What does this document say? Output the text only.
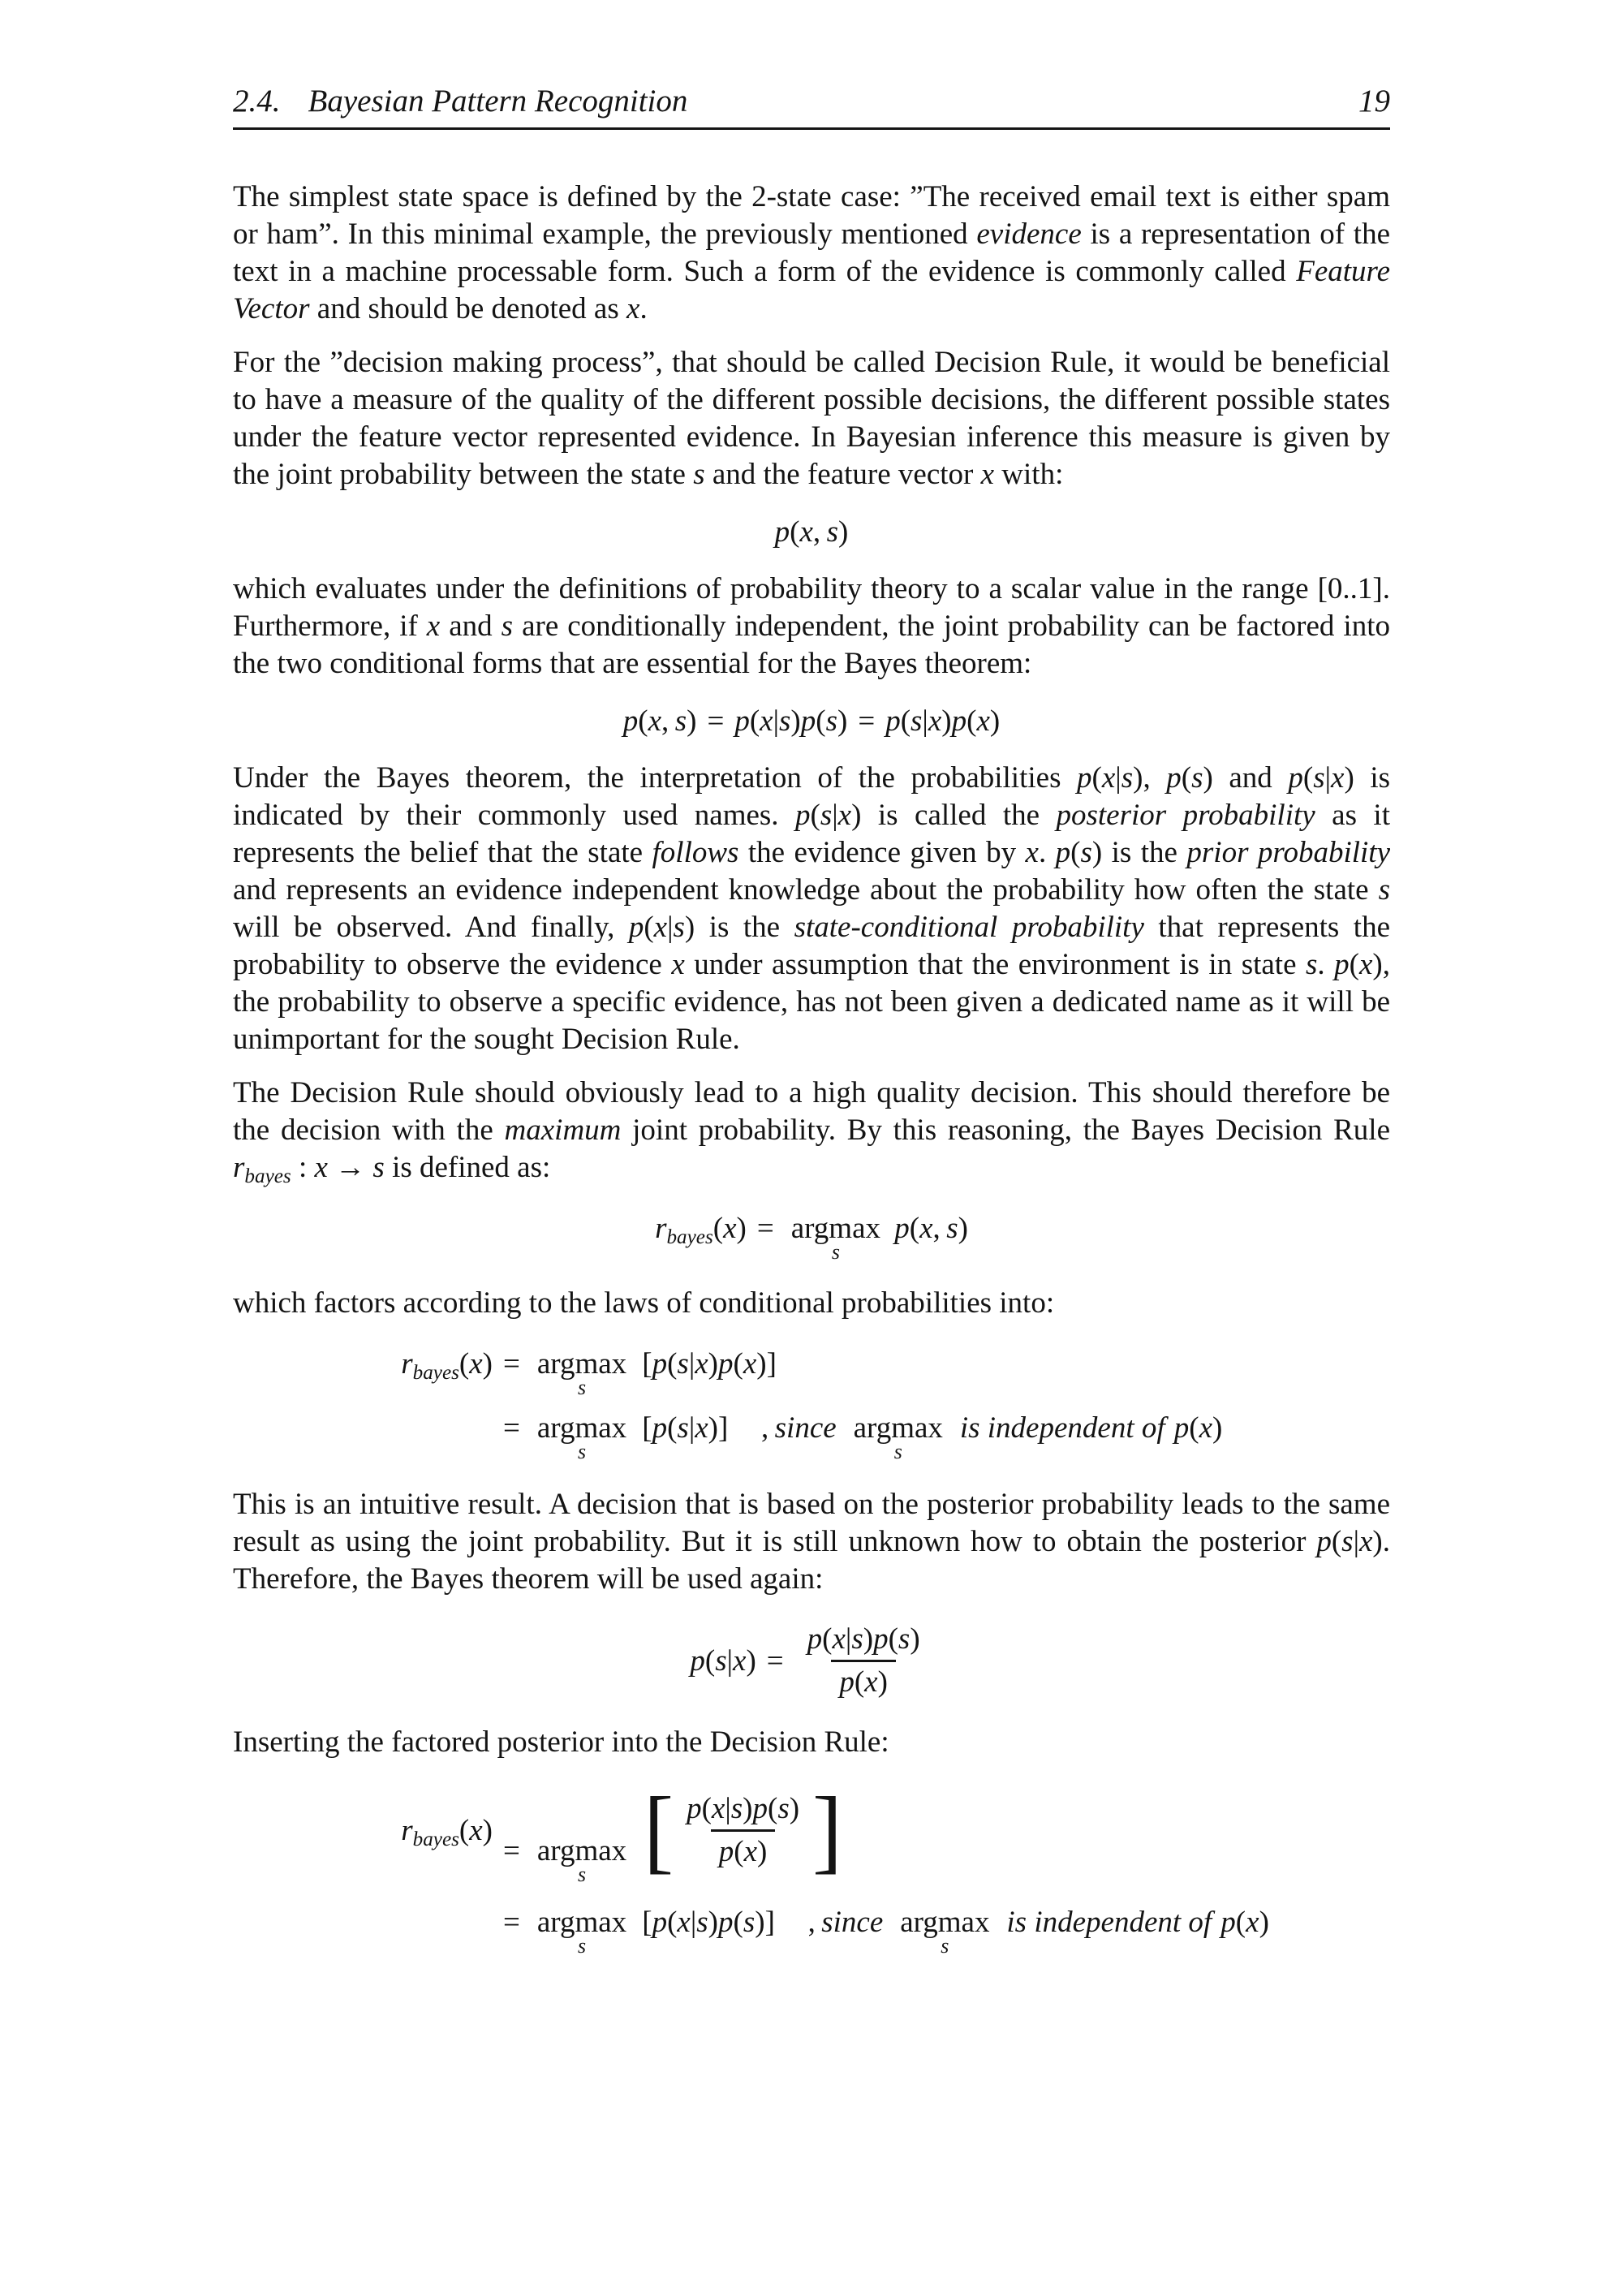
2.4. Bayesian Pattern Recognition	19

The simplest state space is defined by the 2-state case: ”The received email text is either spam or ham”. In this minimal example, the previously mentioned evidence is a representation of the text in a machine processable form. Such a form of the evidence is commonly called Feature Vector and should be denoted as x.

For the ”decision making process”, that should be called Decision Rule, it would be beneficial to have a measure of the quality of the different possible decisions, the different possible states under the feature vector represented evidence. In Bayesian inference this measure is given by the joint probability between the state s and the feature vector x with:

p ( x ,  s )

which evaluates under the definitions of probability theory to a scalar value in the range [0..1]. Furthermore, if x and s are conditionally independent, the joint probability can be factored into the two conditional forms that are essential for the Bayes theorem:

p ( x ,  s ) = p ( x | s ) p ( s ) = p ( s | x ) p ( x )

Under the Bayes theorem, the interpretation of the probabilities p(x|s), p(s) and p(s|x) is indicated by their commonly used names. p(s|x) is called the posterior probability as it represents the belief that the state follows the evidence given by x. p(s) is the prior probability and represents an evidence independent knowledge about the probability how often the state s will be observed. And finally, p(x|s) is the state-conditional probability that represents the probability to observe the evidence x under assumption that the environment is in state s. p(x), the probability to observe a specific evidence, has not been given a dedicated name as it will be unimportant for the sought Decision Rule.

The Decision Rule should obviously lead to a high quality decision. This should therefore be the decision with the maximum joint probability. By this reasoning, the Bayes Decision Rule rbayes : x → s is defined as:

rbayes ( x ) = argmax
s
p ( x ,  s )

which factors according to the laws of conditional probabilities into:

rbayes ( x ) = argmax
s
[ p(s|x)p(x) ]
= argmax
s
[ p(s|x) ] , since argmax
s
is independent of p(x)

This is an intuitive result. A decision that is based on the posterior probability leads to the same result as using the joint probability. But it is still unknown how to obtain the posterior p(s|x). Therefore, the Bayes theorem will be used again:

p ( s | x ) = $\frac{p(x|s)p(s)}{p(x)}$

Inserting the factored posterior into the Decision Rule:

rbayes ( x )
= argmax
s [ $\frac{p(x|s)p(s)}{p(x)}$ ]
= argmax
s
[ p(x|s)p(s) ] , since argmax
s
is independent of p(x)
